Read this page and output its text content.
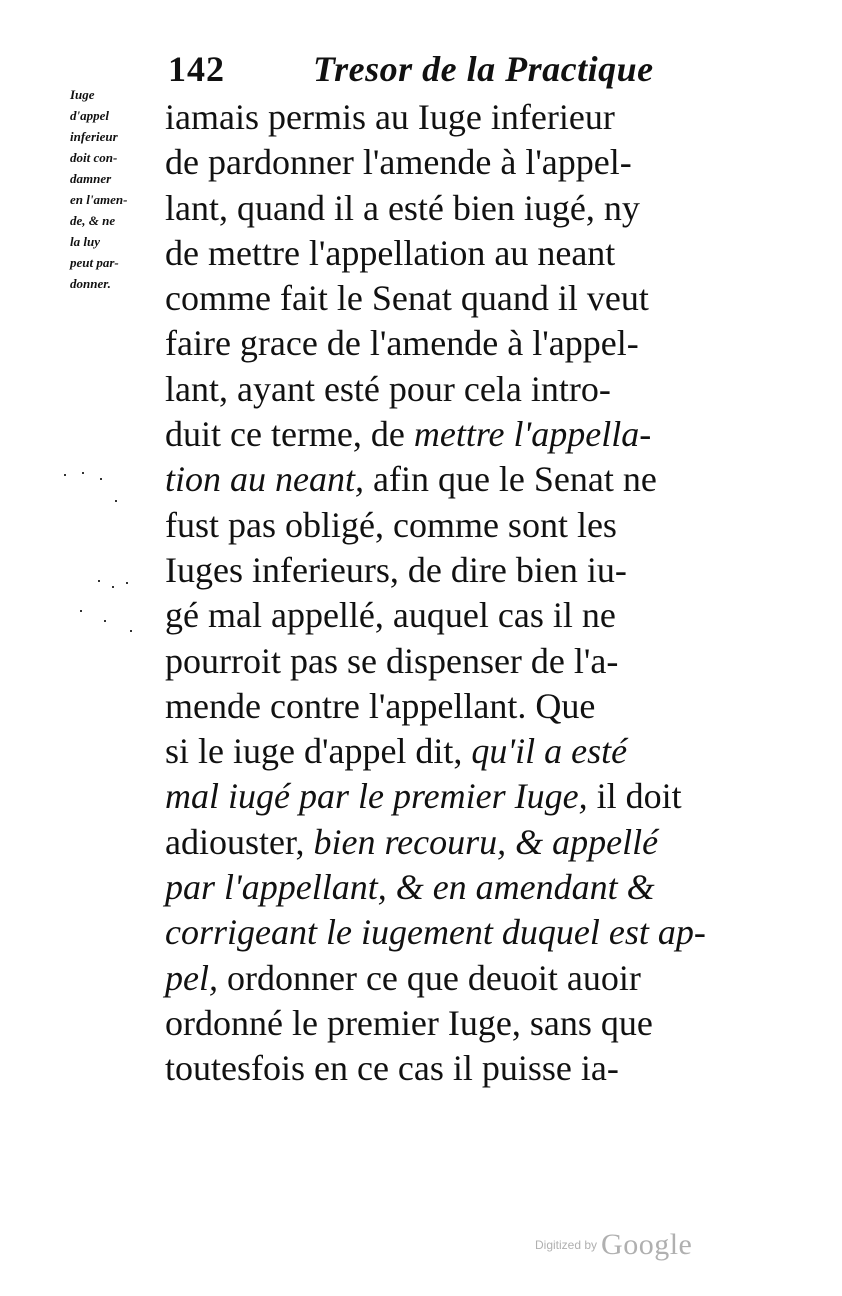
142 Tresor de la Practique
Iuge
d'appel
inferieur
doit con-
damner
en l'amen-
de, & ne
la luy
peut par-
donner.
iamais permis au Iuge inferieur
de pardonner l'amende à l'appel-
lant, quand il a esté bien iugé, ny
de mettre l'appellation au neant
comme fait le Senat quand il veut
faire grace de l'amende à l'appel-
lant, ayant esté pour cela intro-
duit ce terme, de mettre l'appella-
tion au neant, afin que le Senat ne
fust pas obligé, comme sont les
Iuges inferieurs, de dire bien iu-
gé mal appellé, auquel cas il ne
pourroit pas se dispenser de l'a-
mende contre l'appellant. Que
si le iuge d'appel dit, qu'il a esté
mal iugé par le premier Iuge, il doit
adiouster, bien recouru, & appellé
par l'appellant, & en amendant &
corrigeant le iugement duquel est ap-
pel, ordonner ce que deuoit auoir
ordonné le premier Iuge, sans que
toutesfois en ce cas il puisse ia-
Digitized by Google
